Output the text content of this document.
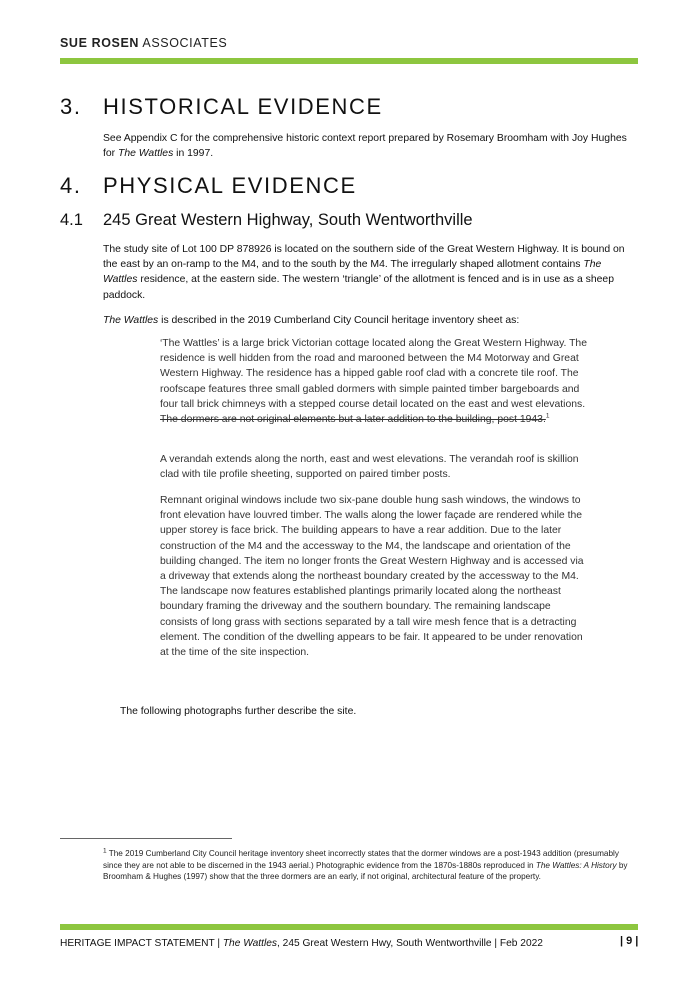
SUE ROSEN ASSOCIATES
3. HISTORICAL EVIDENCE

See Appendix C for the comprehensive historic context report prepared by Rosemary Broomham with Joy Hughes for The Wattles in 1997.

4. PHYSICAL EVIDENCE
4.1 245 Great Western Highway, South Wentworthville

The study site of Lot 100 DP 878926 is located on the southern side of the Great Western Highway. It is bound on the east by an on-ramp to the M4, and to the south by the M4. The irregularly shaped allotment contains The Wattles residence, at the eastern side. The western ‘triangle’ of the allotment is fenced and is in use as a sheep paddock.

The Wattles is described in the 2019 Cumberland City Council heritage inventory sheet as:

‘The Wattles’ is a large brick Victorian cottage located along the Great Western Highway. The residence is well hidden from the road and marooned between the M4 Motorway and Great Western Highway. The residence has a hipped gable roof clad with a concrete tile roof. The roofscape features three small gabled dormers with simple painted timber bargeboards and four tall brick chimneys with a stepped course detail located on the east and west elevations. The dormers are not original elements but a later addition to the building, post 1943.$^1$

A verandah extends along the north, east and west elevations. The verandah roof is skillion clad with tile profile sheeting, supported on paired timber posts.

Remnant original windows include two six-pane double hung sash windows, the windows to front elevation have louvred timber. The walls along the lower façade are rendered while the upper storey is face brick. The building appears to have a rear addition. Due to the later construction of the M4 and the accessway to the M4, the landscape and orientation of the building changed. The item no longer fronts the Great Western Highway and is accessed via a driveway that extends along the northeast boundary created by the accessway to the M4. The landscape now features established plantings primarily located along the northeast boundary framing the driveway and the southern boundary. The remaining landscape consists of long grass with sections separated by a tall wire mesh fence that is a detracting element. The condition of the dwelling appears to be fair. It appeared to be under renovation at the time of the site inspection.

The following photographs further describe the site.

$^1$ The 2019 Cumberland City Council heritage inventory sheet incorrectly states that the dormer windows are a post-1943 addition (presumably since they are not able to be discerned in the 1943 aerial.) Photographic evidence from the 1870s-1880s reproduced in The Wattles: A History by Broomham & Hughes (1997) show that the three dormers are an early, if not original, architectural feature of the property.

HERITAGE IMPACT STATEMENT | The Wattles, 245 Great Western Hwy, South Wentworthville | Feb 2022	| 9 |
